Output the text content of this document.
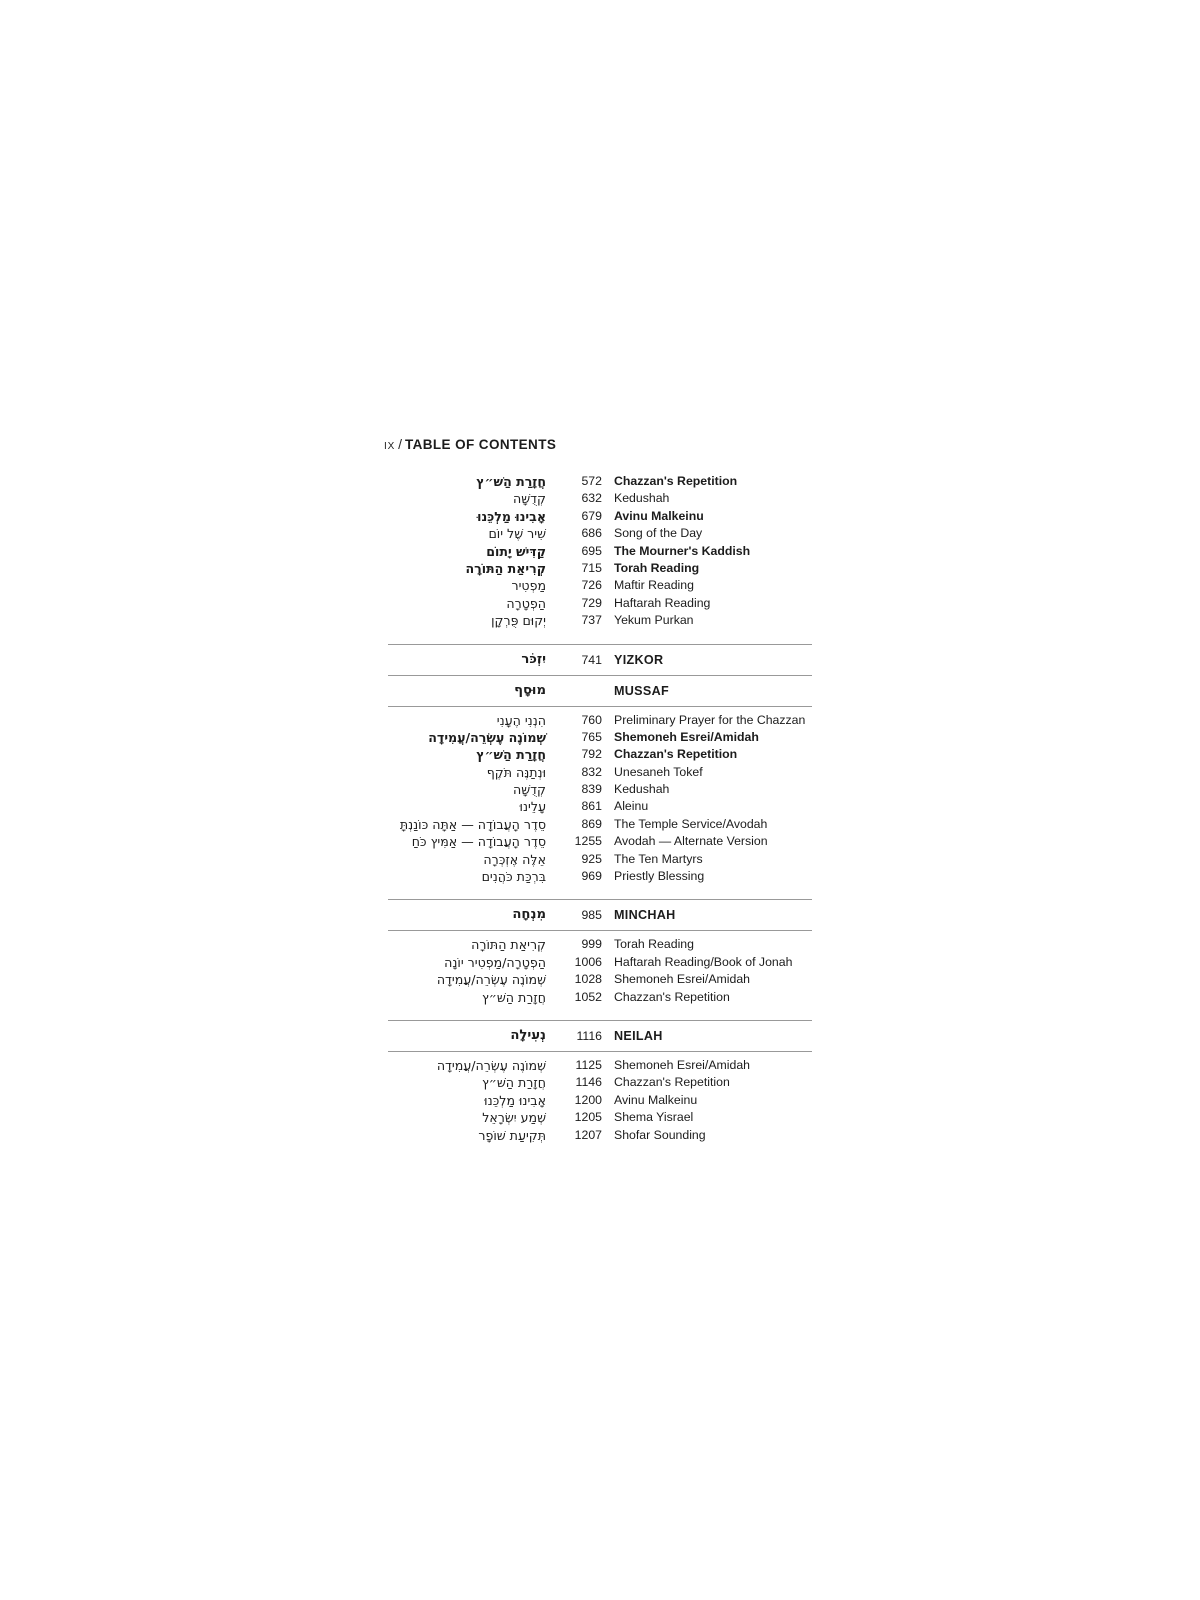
IX / TABLE OF CONTENTS
חֲזָרַת הַשּׁ״ץ	572 Chazzan's Repetition
קְדֻשָּׁה	632 Kedushah
אָבִינוּ מַלְכֵּנוּ	679 Avinu Malkeinu
שִׁיר שֶׁל יוֹם	686 Song of the Day
קַדִּישׁ יָתוֹם	695 The Mourner's Kaddish
קְרִיאַת הַתּוֹרָה	715 Torah Reading
מַפְטִיר	726 Maftir Reading
הַפְטָרָה	729 Haftarah Reading
יְקוּם פֻּרְקָן	737 Yekum Purkan
יִזְכֹּר	741 YIZKOR
מוּסָף	MUSSAF
הִנְנִי הֶעָנִי	760 Preliminary Prayer for the Chazzan
שְׁמוֹנֶה עֶשְׂרֵה/עֲמִידָה	765 Shemoneh Esrei/Amidah
חֲזָרַת הַשּׁ״ץ	792 Chazzan's Repetition
וּנְתַנֶּה תֹּקֶף	832 Unesaneh Tokef
קְדֻשָּׁה	839 Kedushah
עָלֵינוּ	861 Aleinu
סֵדֶר הָעֲבוֹדָה — אַתָּה כּוֹנַנְתָּ	869 The Temple Service/Avodah
סֵדֶר הָעֲבוֹדָה — אַמִּיץ כֹּחַ	1255 Avodah — Alternate Version
אֵלֶּה אֶזְכְּרָה	925 The Ten Martyrs
בִּרְכַּת כֹּהֲנִים	969 Priestly Blessing
מִנְחָה	985 MINCHAH
קְרִיאַת הַתּוֹרָה	999 Torah Reading
הַפְטָרָה/מַפְטִיר יוֹנָה	1006 Haftarah Reading/Book of Jonah
שְׁמוֹנֶה עֶשְׂרֵה/עֲמִידָה	1028 Shemoneh Esrei/Amidah
חֲזָרַת הַשּׁ״ץ	1052 Chazzan's Repetition
נְעִילָה	1116 NEILAH
שְׁמוֹנֶה עֶשְׂרֵה/עֲמִידָה	1125 Shemoneh Esrei/Amidah
חֲזָרַת הַשּׁ״ץ	1146 Chazzan's Repetition
אָבִינוּ מַלְכֵּנוּ	1200 Avinu Malkeinu
שְׁמַע יִשְׂרָאֵל	1205 Shema Yisrael
תְּקִיעַת שׁוֹפָר	1207 Shofar Sounding
